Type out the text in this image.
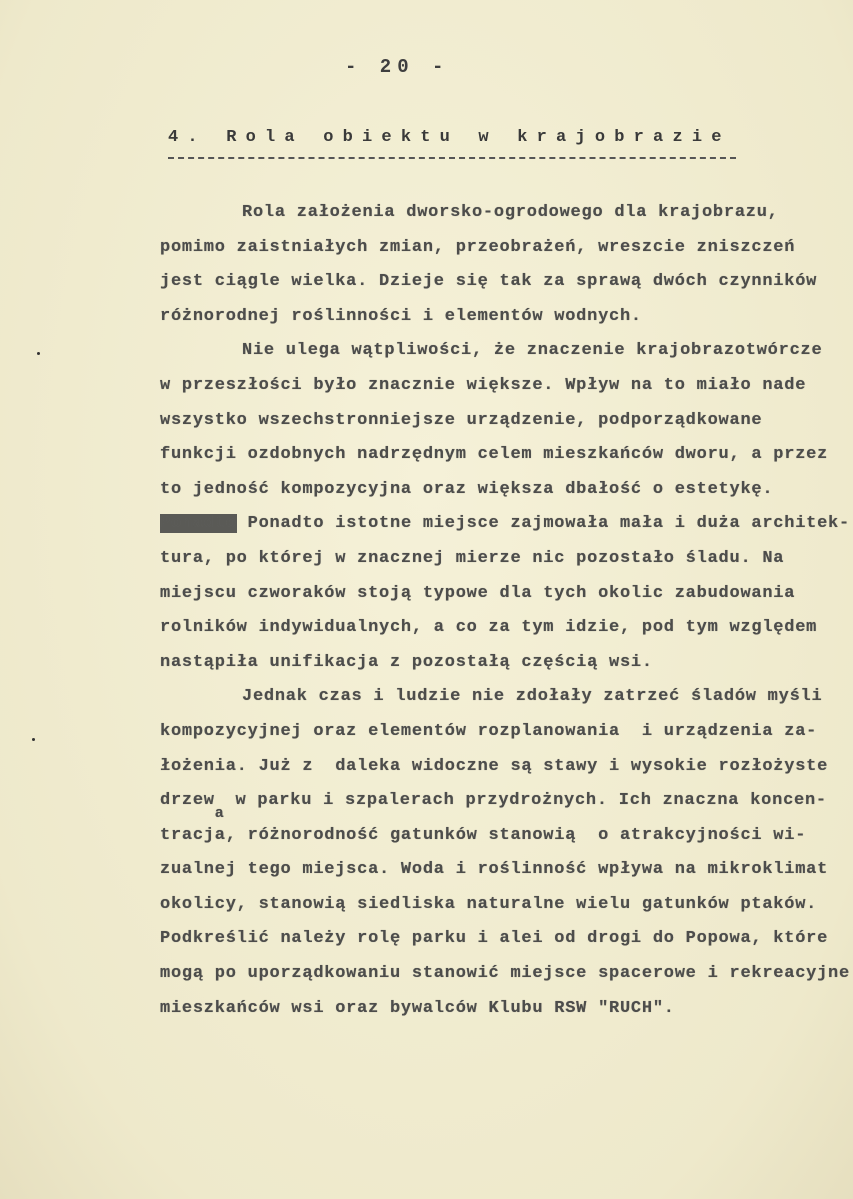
- 20 -
4. Rola obiektu w krajobrazie
Rola założenia dworsko-ogrodowego dla krajobrazu,
pomimo zaistniałych zmian, przeobrażeń, wreszcie zniszczeń
jest ciągle wielka. Dzieje się tak za sprawą dwóch czynników
różnorodnej roślinności i elementów wodnych.
Nie ulega wątpliwości, że znaczenie krajobrazotwórcze
w przeszłości było znacznie większe. Wpływ na to miało nade
wszystko wszechstronniejsze urządzenie, podporządkowane
funkcji ozdobnych nadrzędnym celem mieszkańców dworu, a przez
to jedność kompozycyjna oraz większa dbałość o estetykę.
Ponadto Ponadto istotne miejsce zajmowała mała i duża architek-
tura, po której w znacznej mierze nic pozostało śladu. Na
miejscu czworaków stoją typowe dla tych okolic zabudowania
rolników indywidualnych, a co za tym idzie, pod tym względem
nastąpiła unifikacja z pozostałą częścią wsi.
Jednak czas i ludzie nie zdołały zatrzeć śladów myśli
kompozycyjnej oraz elementów rozplanowania  i urządzenia za-
łożenia. Już z  daleka widoczne są stawy i wysokie rozłożyste
drzewa w parku i szpalerach przydrożnych. Ich znaczna koncen-
tracja, różnorodność gatunków stanowią  o atrakcyjności wi-
zualnej tego miejsca. Woda i roślinność wpływa na mikroklimat
okolicy, stanowią siedliska naturalne wielu gatunków ptaków.
Podkreślić należy rolę parku i alei od drogi do Popowa, które
mogą po uporządkowaniu stanowić miejsce spacerowe i rekreacyjne
mieszkańców wsi oraz bywalców Klubu RSW "RUCH".
